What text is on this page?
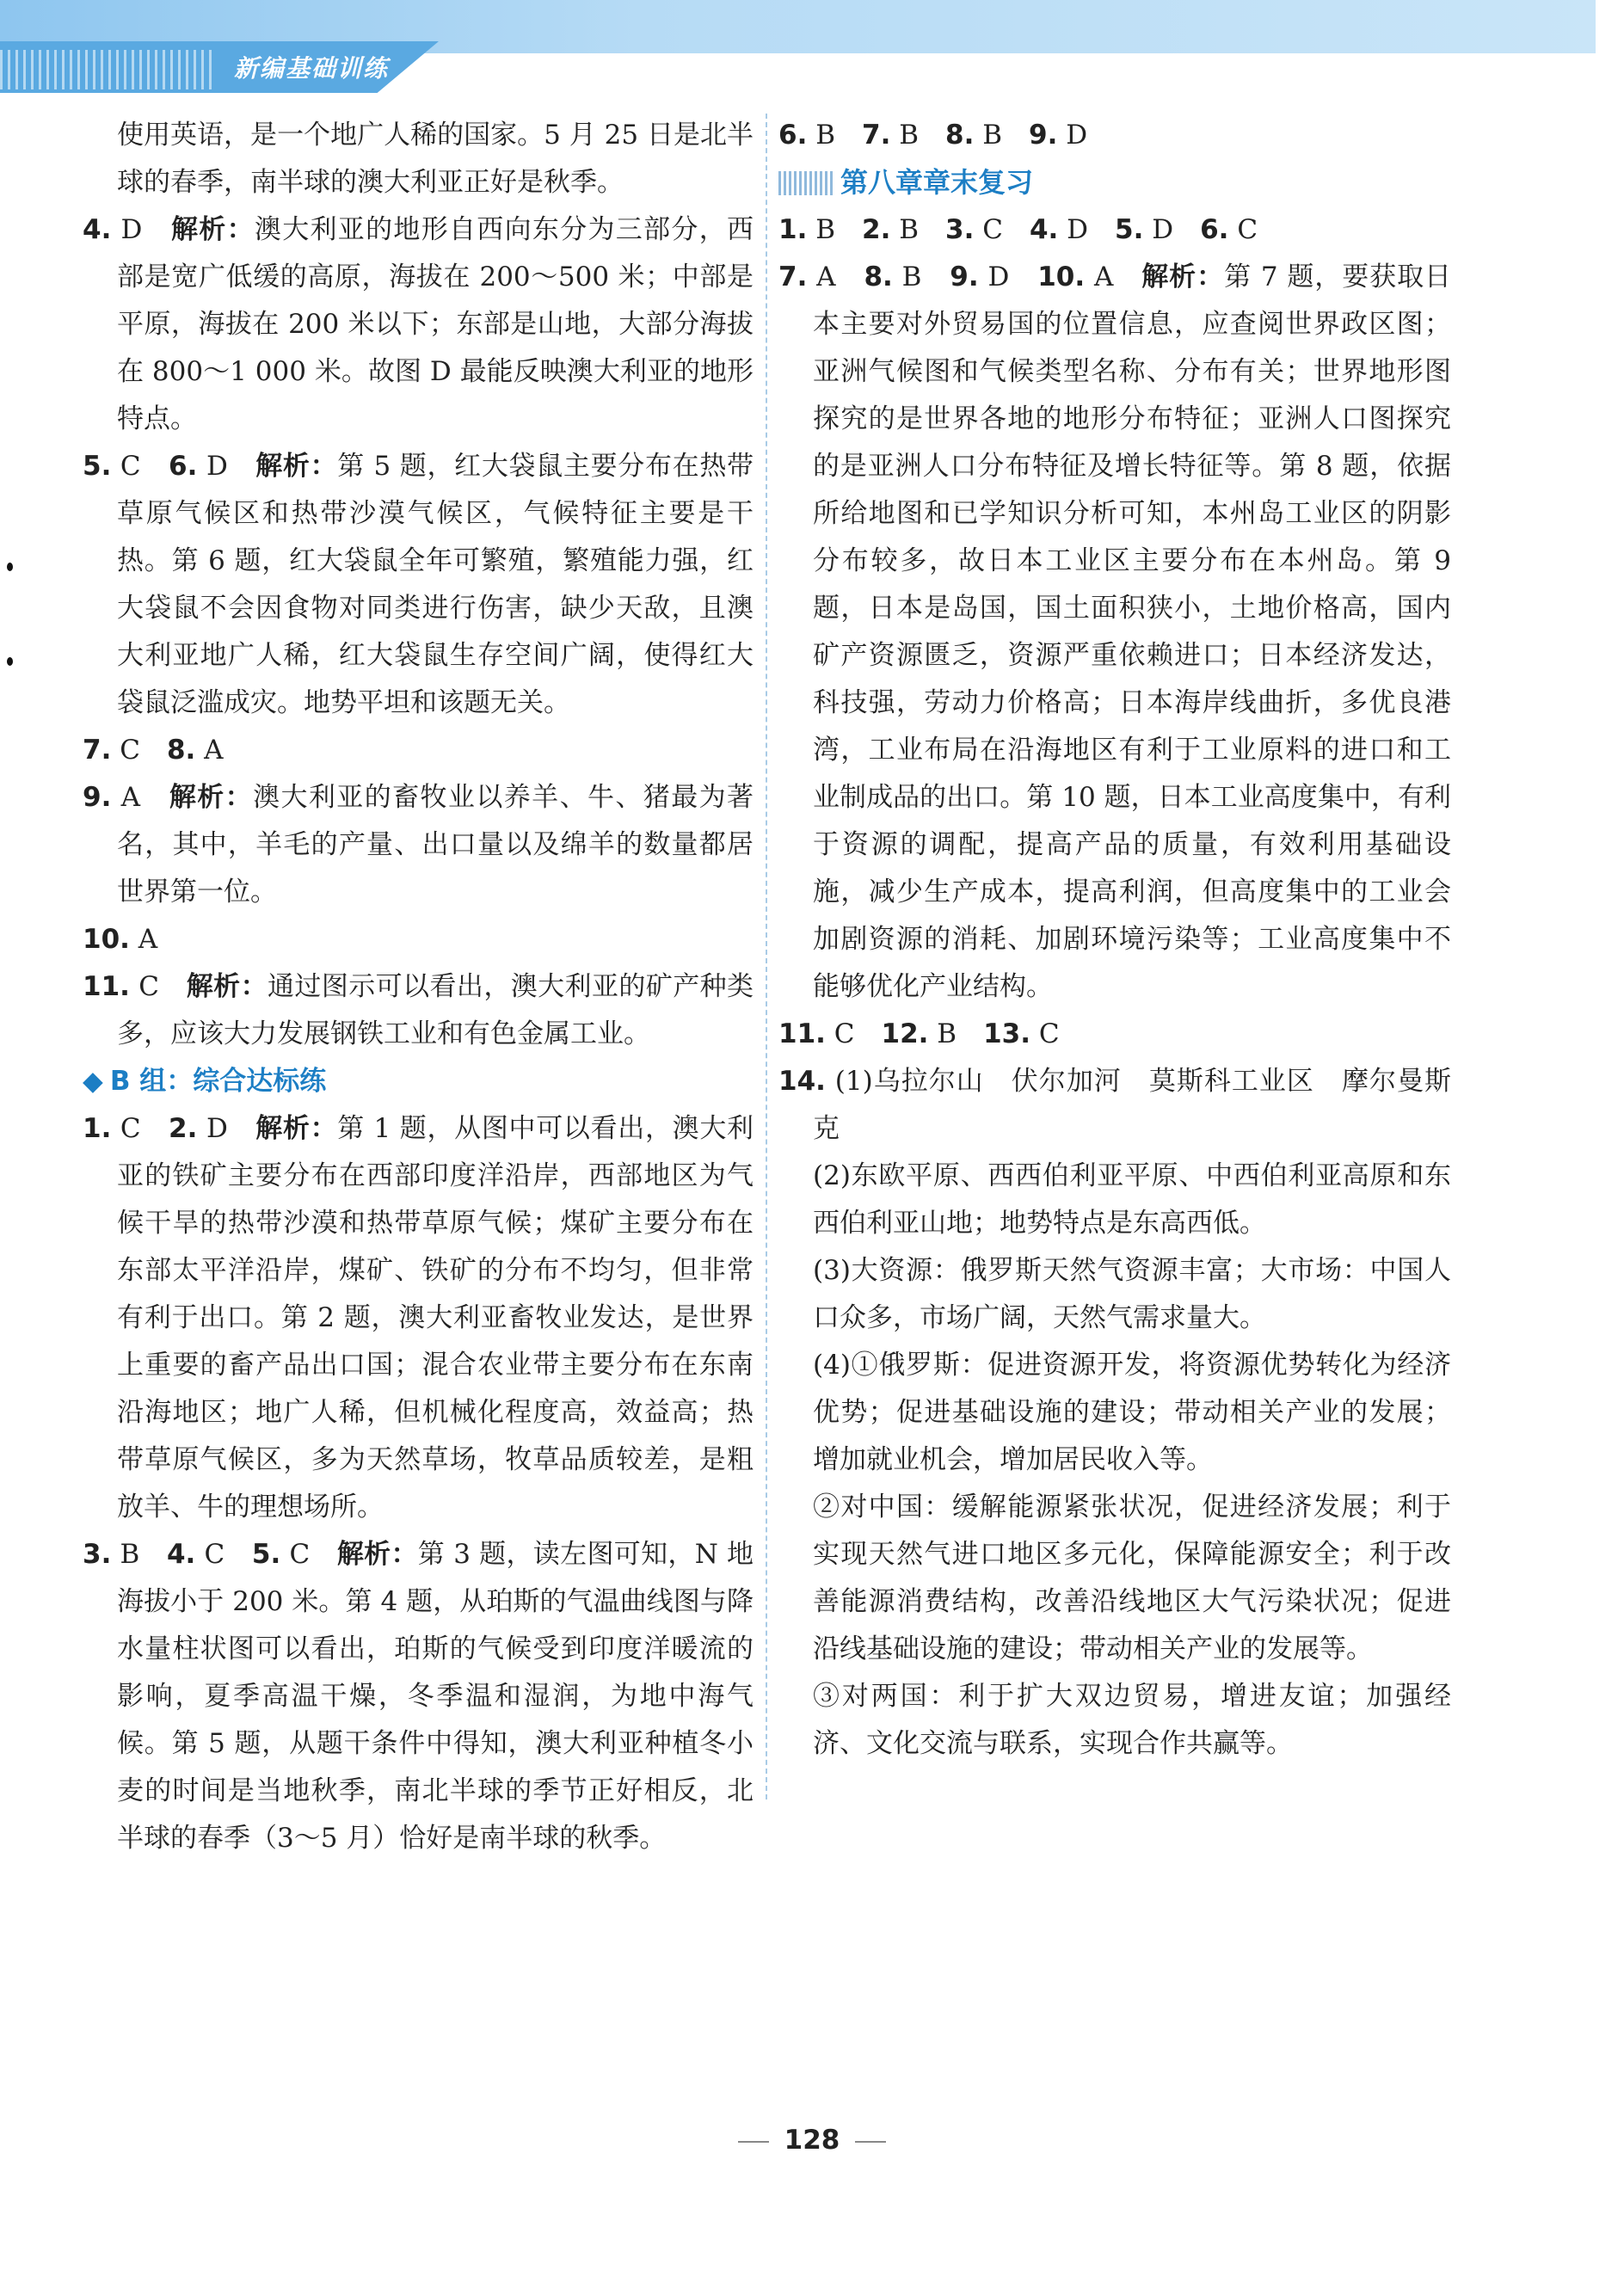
新编基础训练

使用英语，是一个地广人稀的国家。5 月 25 日是北半球的春季，南半球的澳大利亚正好是秋季。

4. D　 解析：澳大利亚的地形自西向东分为三部分，西部是宽广低缓的高原，海拔在 200～500 米；中部是平原，海拔在 200 米以下；东部是山地，大部分海拔在 800～1 000 米。故图 D 最能反映澳大利亚的地形特点。

5. C　 6. D　 解析：第 5 题，红大袋鼠主要分布在热带草原气候区和热带沙漠气候区，气候特征主要是干热。第 6 题，红大袋鼠全年可繁殖，繁殖能力强，红大袋鼠不会因食物对同类进行伤害，缺少天敌，且澳大利亚地广人稀，红大袋鼠生存空间广阔，使得红大袋鼠泛滥成灾。地势平坦和该题无关。

7. C　 8. A　

9. A　 解析：澳大利亚的畜牧业以养羊、牛、猪最为著名，其中，羊毛的产量、出口量以及绵羊的数量都居世界第一位。

10. A　

11. C　 解析：通过图示可以看出，澳大利亚的矿产种类多，应该大力发展钢铁工业和有色金属工业。

◆ B 组：综合达标练

1. C　 2. D　 解析：第 1 题，从图中可以看出，澳大利亚的铁矿主要分布在西部印度洋沿岸，西部地区为气候干旱的热带沙漠和热带草原气候；煤矿主要分布在东部太平洋沿岸，煤矿、铁矿的分布不均匀，但非常有利于出口。第 2 题，澳大利亚畜牧业发达，是世界上重要的畜产品出口国；混合农业带主要分布在东南沿海地区；地广人稀，但机械化程度高，效益高；热带草原气候区，多为天然草场，牧草品质较差，是粗放羊、牛的理想场所。

3. B　 4. C　 5. C　 解析：第 3 题，读左图可知，N 地海拔小于 200 米。第 4 题，从珀斯的气温曲线图与降水量柱状图可以看出，珀斯的气候受到印度洋暖流的影响，夏季高温干燥，冬季温和湿润，为地中海气候。第 5 题，从题干条件中得知，澳大利亚种植冬小麦的时间是当地秋季，南北半球的季节正好相反，北半球的春季（3～5 月）恰好是南半球的秋季。

6. B　 7. B　 8. B　 9. D　

第八章章末复习

1. B　 2. B　 3. C　 4. D　 5. D　 6. C　

7. A　 8. B　 9. D　 10. A　 解析：第 7 题，要获取日本主要对外贸易国的位置信息，应查阅世界政区图；亚洲气候图和气候类型名称、分布有关；世界地形图探究的是世界各地的地形分布特征；亚洲人口图探究的是亚洲人口分布特征及增长特征等。第 8 题，依据所给地图和已学知识分析可知，本州岛工业区的阴影分布较多，故日本工业区主要分布在本州岛。第 9 题，日本是岛国，国土面积狭小，土地价格高，国内矿产资源匮乏，资源严重依赖进口；日本经济发达，科技强，劳动力价格高；日本海岸线曲折，多优良港湾，工业布局在沿海地区有利于工业原料的进口和工业制成品的出口。第 10 题，日本工业高度集中，有利于资源的调配，提高产品的质量，有效利用基础设施，减少生产成本，提高利润，但高度集中的工业会加剧资源的消耗、加剧环境污染等；工业高度集中不能够优化产业结构。

11. C　 12. B　 13. C　

14. (1)乌拉尔山　伏尔加河　莫斯科工业区　摩尔曼斯克

(2)东欧平原、西西伯利亚平原、中西伯利亚高原和东西伯利亚山地；地势特点是东高西低。

(3)大资源：俄罗斯天然气资源丰富；大市场：中国人口众多，市场广阔，天然气需求量大。

(4)①俄罗斯：促进资源开发，将资源优势转化为经济优势；促进基础设施的建设；带动相关产业的发展；增加就业机会，增加居民收入等。

②对中国：缓解能源紧张状况，促进经济发展；利于实现天然气进口地区多元化，保障能源安全；利于改善能源消费结构，改善沿线地区大气污染状况；促进沿线基础设施的建设；带动相关产业的发展等。

③对两国：利于扩大双边贸易，增进友谊；加强经济、文化交流与联系，实现合作共赢等。

128
